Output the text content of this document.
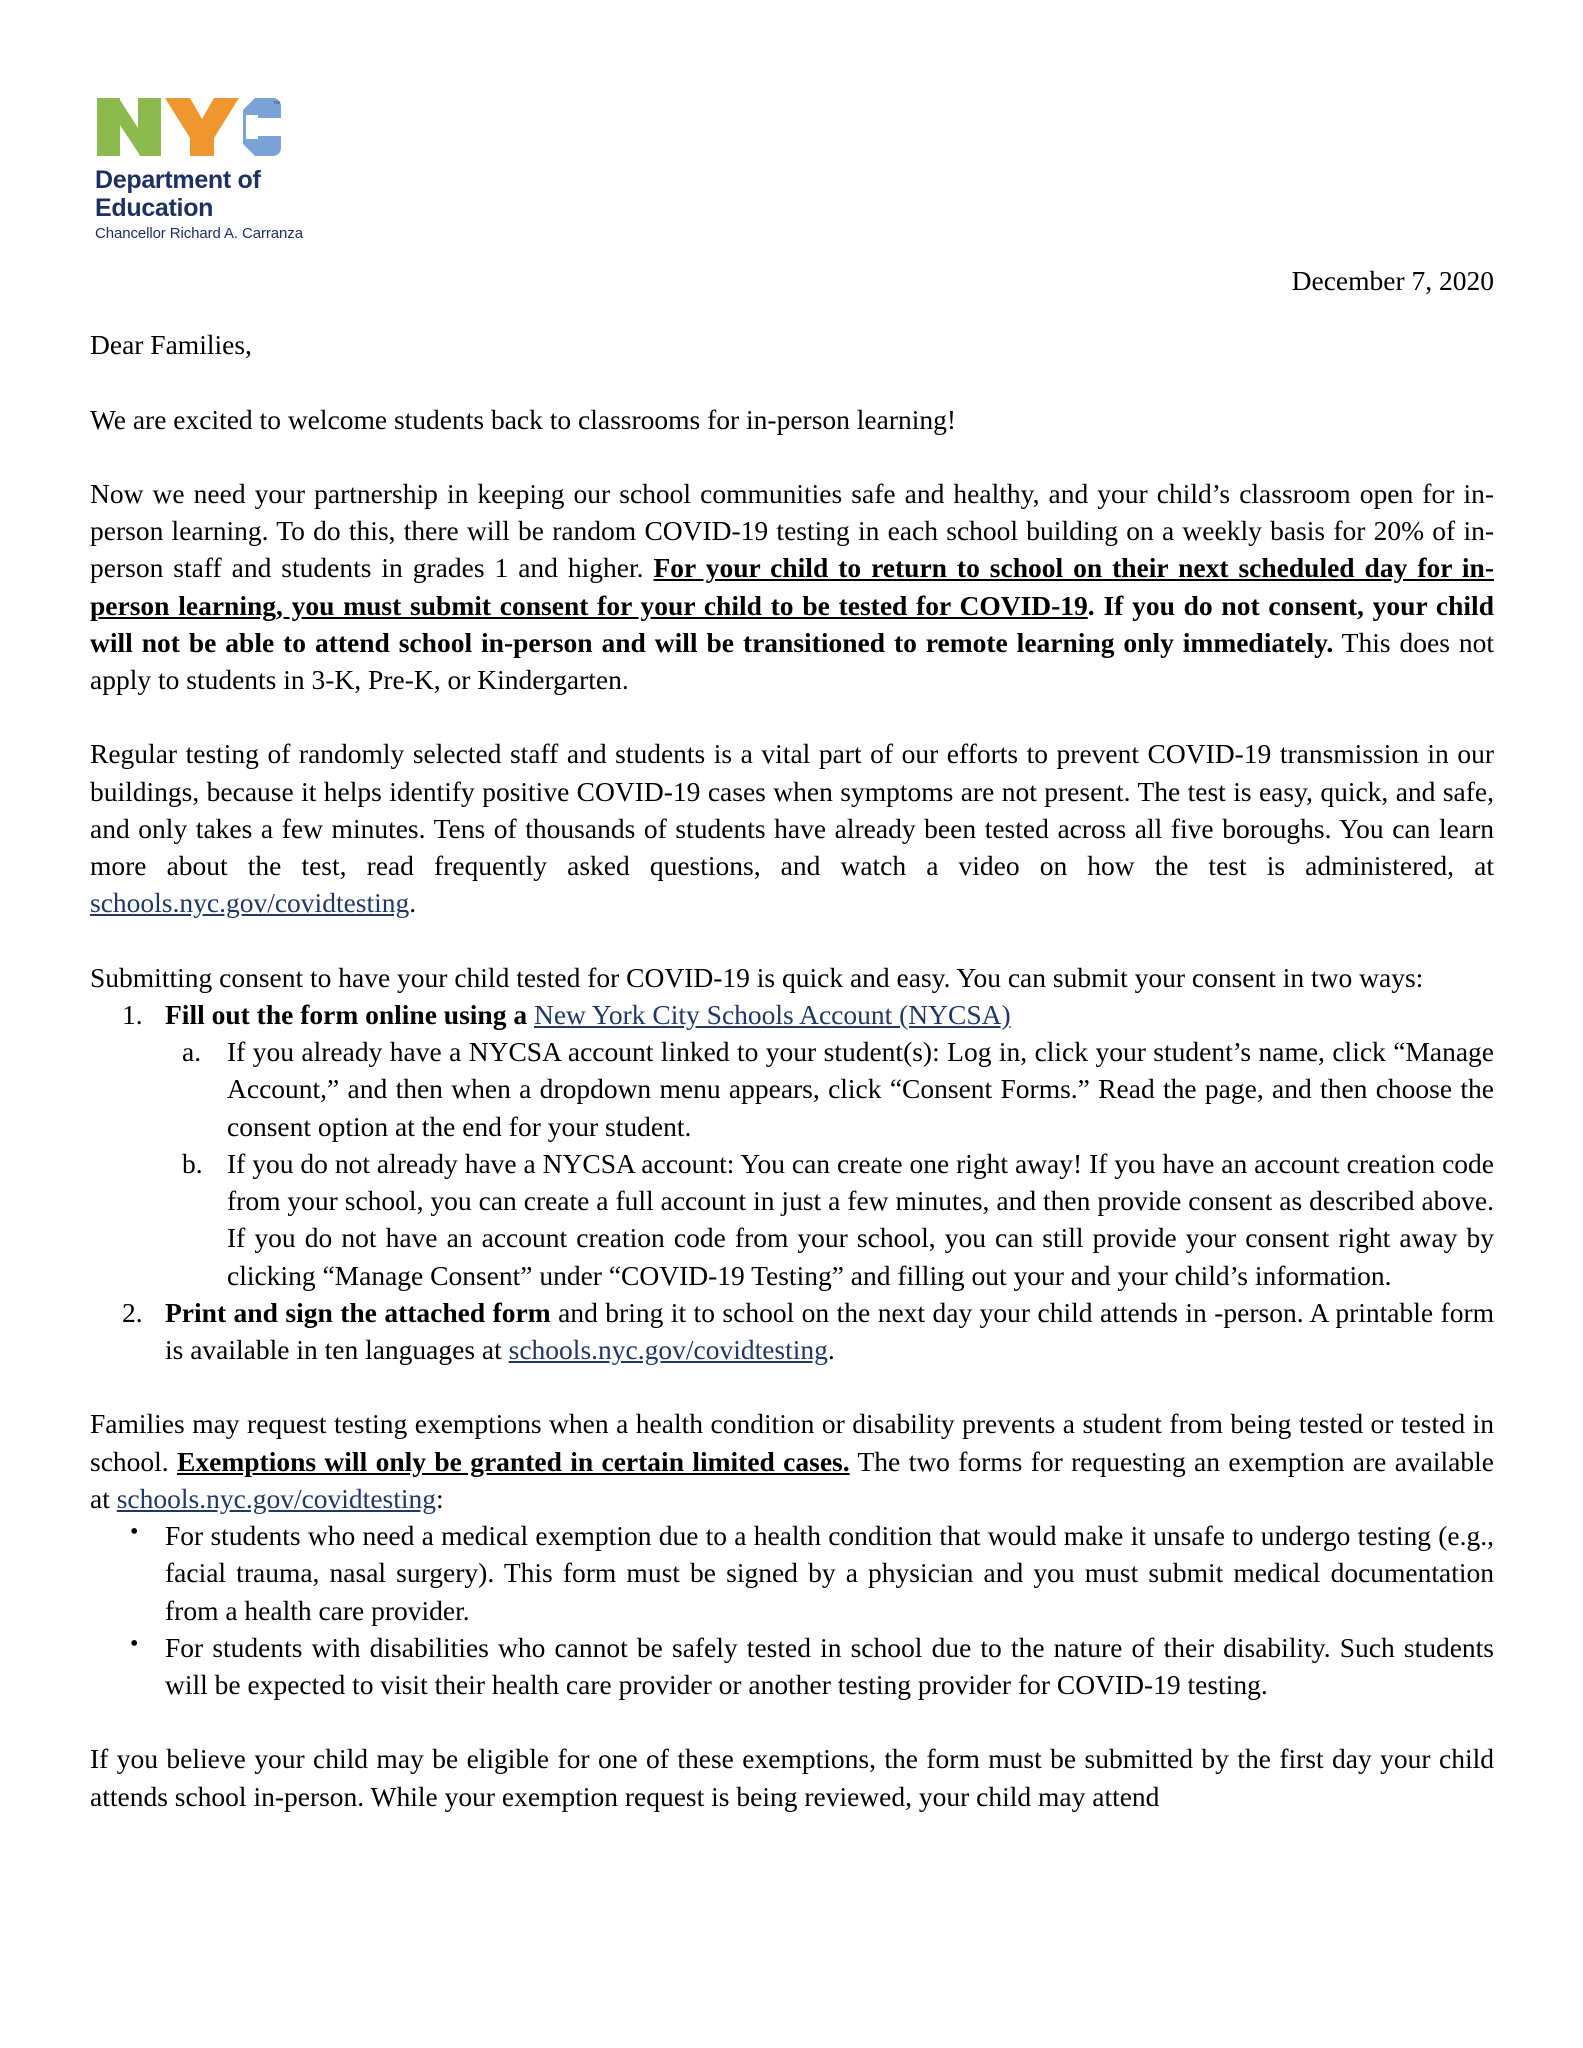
™
Department of
Education
Chancellor Richard A. Carranza
December 7, 2020

Dear Families,

We are excited to welcome students back to classrooms for in-person learning!

Now we need your partnership in keeping our school communities safe and healthy, and your child’s classroom open for in-person learning. To do this, there will be random COVID-19 testing in each school building on a weekly basis for 20% of in-person staff and students in grades 1 and higher. For your child to return to school on their next scheduled day for in-person learning, you must submit consent for your child to be tested for COVID-19. If you do not consent, your child will not be able to attend school in-person and will be transitioned to remote learning only immediately. This does not apply to students in 3-K, Pre-K, or Kindergarten.

Regular testing of randomly selected staff and students is a vital part of our efforts to prevent COVID-19 transmission in our buildings, because it helps identify positive COVID-19 cases when symptoms are not present. The test is easy, quick, and safe, and only takes a few minutes. Tens of thousands of students have already been tested across all five boroughs. You can learn more about the test, read frequently asked questions, and watch a video on how the test is administered, at schools.nyc.gov/covidtesting.

Submitting consent to have your child tested for COVID-19 is quick and easy. You can submit your consent in two ways:

1. Fill out the form online using a New York City Schools Account (NYCSA)
a. If you already have a NYCSA account linked to your student(s): Log in, click your student’s name, click “Manage Account,” and then when a dropdown menu appears, click “Consent Forms.” Read the page, and then choose the consent option at the end for your student.
b. If you do not already have a NYCSA account: You can create one right away! If you have an account creation code from your school, you can create a full account in just a few minutes, and then provide consent as described above. If you do not have an account creation code from your school, you can still provide your consent right away by clicking “Manage Consent” under “COVID-19 Testing” and filling out your and your child’s information.
2. Print and sign the attached form and bring it to school on the next day your child attends in -person. A printable form is available in ten languages at schools.nyc.gov/covidtesting.

Families may request testing exemptions when a health condition or disability prevents a student from being tested or tested in school. Exemptions will only be granted in certain limited cases. The two forms for requesting an exemption are available at schools.nyc.gov/covidtesting:

• For students who need a medical exemption due to a health condition that would make it unsafe to undergo testing (e.g., facial trauma, nasal surgery). This form must be signed by a physician and you must submit medical documentation from a health care provider.
• For students with disabilities who cannot be safely tested in school due to the nature of their disability. Such students will be expected to visit their health care provider or another testing provider for COVID-19 testing.

If you believe your child may be eligible for one of these exemptions, the form must be submitted by the first day your child attends school in-person. While your exemption request is being reviewed, your child may attend
